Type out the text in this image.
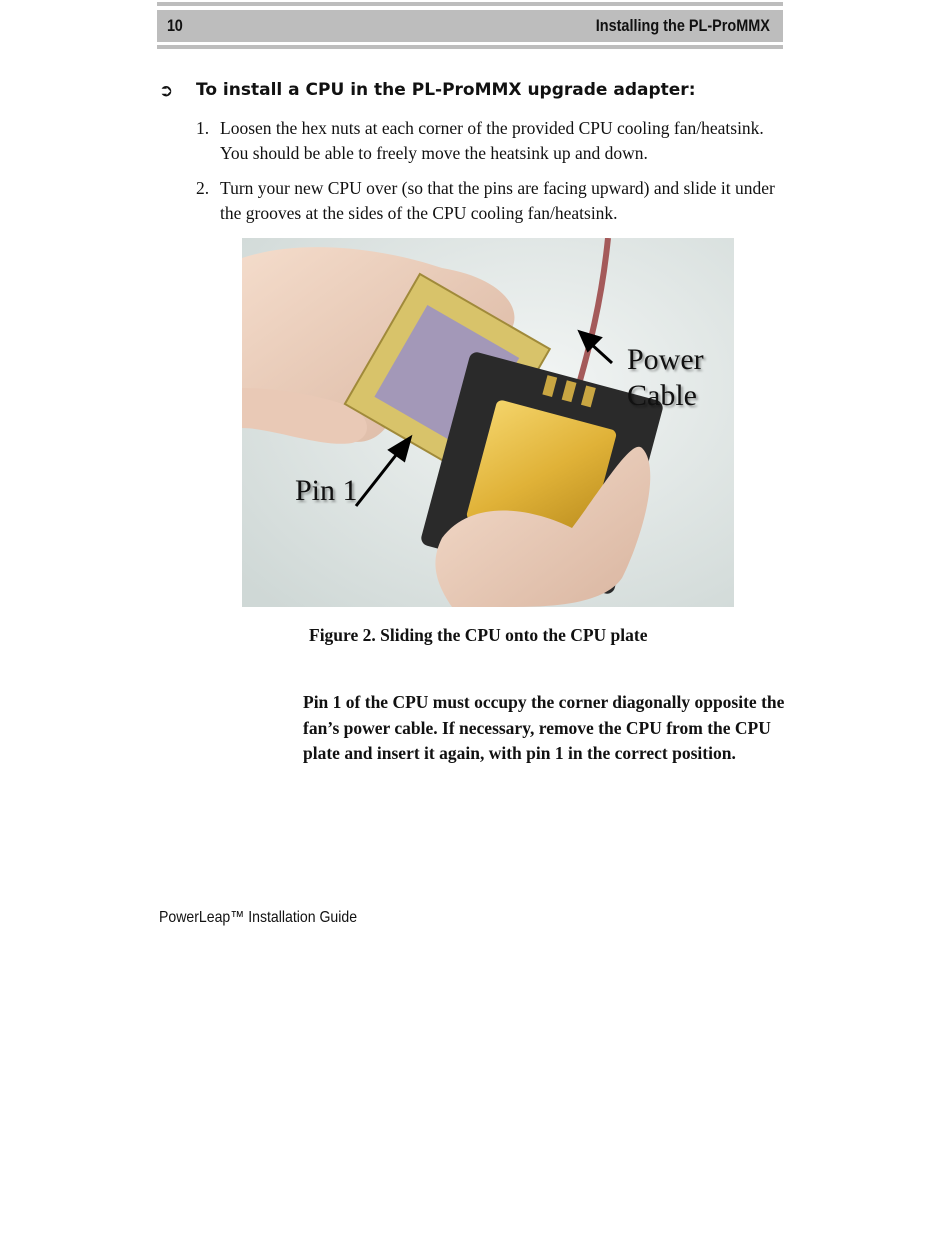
10	Installing the PL-ProMMX
➲ To install a CPU in the PL-ProMMX upgrade adapter:
1. Loosen the hex nuts at each corner of the provided CPU cooling fan/heatsink. You should be able to freely move the heatsink up and down.
2. Turn your new CPU over (so that the pins are facing upward) and slide it under the grooves at the sides of the CPU cooling fan/heatsink.
Power
Cable
Pin 1
Figure 2. Sliding the CPU onto the CPU plate
Pin 1 of the CPU must occupy the corner diagonally opposite the fan’s power cable. If necessary, remove the CPU from the CPU plate and insert it again, with pin 1 in the correct position.
PowerLeap™ Installation Guide
